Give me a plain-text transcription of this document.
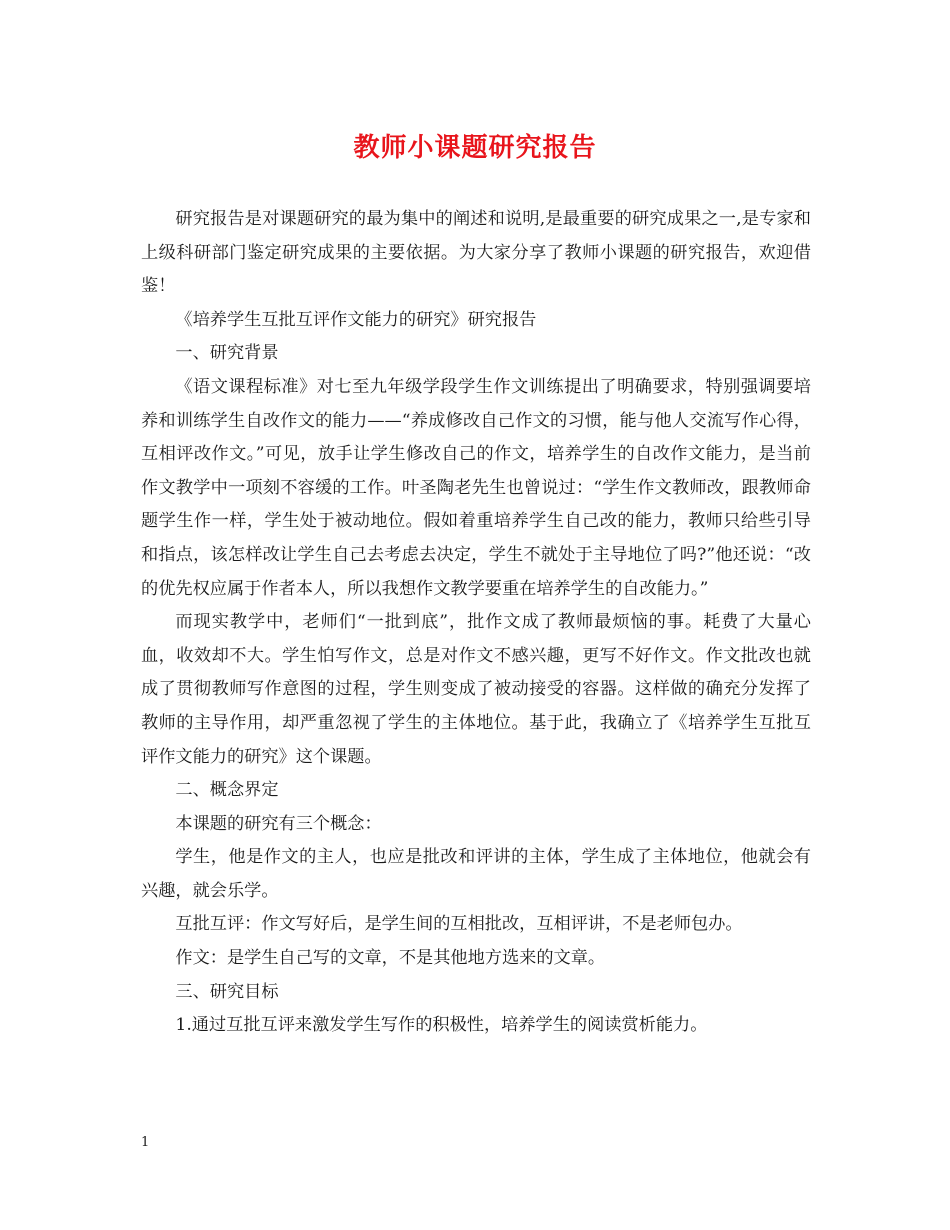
教师小课题研究报告

研究报告是对课题研究的最为集中的阐述和说明,是最重要的研究成果之一,是专家和上级科研部门鉴定研究成果的主要依据。为大家分享了教师小课题的研究报告，欢迎借鉴！

《培养学生互批互评作文能力的研究》研究报告

一、研究背景

《语文课程标准》对七至九年级学段学生作文训练提出了明确要求，特别强调要培养和训练学生自改作文的能力——“养成修改自己作文的习惯，能与他人交流写作心得，互相评改作文。”可见，放手让学生修改自己的作文，培养学生的自改作文能力，是当前作文教学中一项刻不容缓的工作。叶圣陶老先生也曾说过：“学生作文教师改，跟教师命题学生作一样，学生处于被动地位。假如着重培养学生自己改的能力，教师只给些引导和指点，该怎样改让学生自己去考虑去决定，学生不就处于主导地位了吗?”他还说：“改的优先权应属于作者本人，所以我想作文教学要重在培养学生的自改能力。”

而现实教学中，老师们“一批到底”，批作文成了教师最烦恼的事。耗费了大量心血，收效却不大。学生怕写作文，总是对作文不感兴趣，更写不好作文。作文批改也就成了贯彻教师写作意图的过程，学生则变成了被动接受的容器。这样做的确充分发挥了教师的主导作用，却严重忽视了学生的主体地位。基于此，我确立了《培养学生互批互评作文能力的研究》这个课题。

二、概念界定

本课题的研究有三个概念：

学生，他是作文的主人，也应是批改和评讲的主体，学生成了主体地位，他就会有兴趣，就会乐学。

互批互评：作文写好后，是学生间的互相批改，互相评讲，不是老师包办。

作文：是学生自己写的文章，不是其他地方选来的文章。

三、研究目标

1.通过互批互评来激发学生写作的积极性，培养学生的阅读赏析能力。

1
